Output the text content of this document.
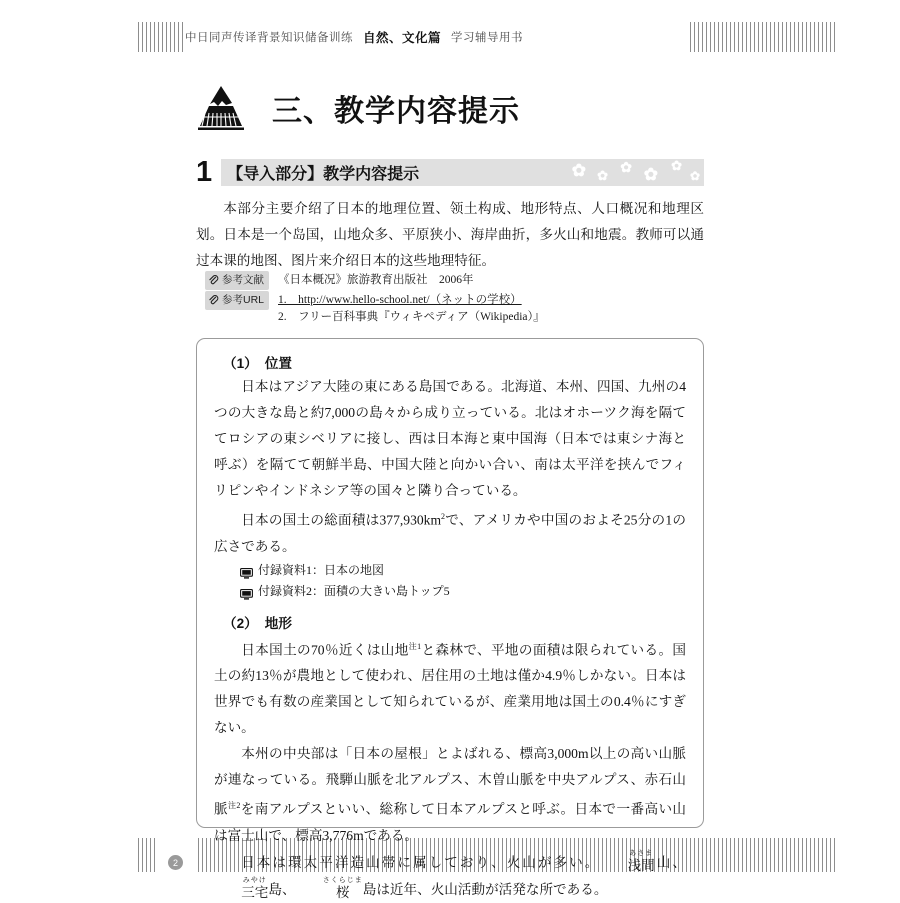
2
中日同声传译背景知识储备训练 自然、文化篇 学习辅导用书
三、教学内容提示
1 【导入部分】教学内容提示	✿ ✿
✿ ✿ ✿
✿
本部分主要介绍了日本的地理位置、领土构成、地形特点、人口概况和地理区划。日本是一个岛国，山地众多、平原狭小、海岸曲折，多火山和地震。教师可以通过本课的地图、图片来介绍日本的这些地理特征。
参考文献 《日本概况》旅游教育出版社　2006年
参考URL 1.　http://www.hello-school.net/（ネットの学校）
2.　フリー百科事典『ウィキペディア（Wikipedia）』
（1） 位置

日本はアジア大陸の東にある島国である。北海道、本州、四国、九州の4つの大きな島と約7,000の島々から成り立っている。北はオホーツク海を隔ててロシアの東シベリアに接し、西は日本海と東中国海（日本では東シナ海と呼ぶ）を隔てて朝鮮半島、中国大陸と向かい合い、南は太平洋を挟んでフィリピンやインドネシア等の国々と隣り合っている。

日本の国土の総面積は$377,930km^2$で、アメリカや中国のおよそ25分の1の広さである。

付録資料1：日本の地図
付録資料2：面積の大きい島トップ5
（2） 地形

日本国土の70％近くは山地$^{注1}$と森林で、平地の面積は限られている。国土の約13％が農地として使われ、居住用の土地は僅か4.9％しかない。日本は世界でも有数の産業国として知られているが、産業用地は国土の0.4％にすぎない。

本州の中央部は「日本の屋根」とよばれる、標高3,000m以上の高い山脈が連なっている。飛騨山脈を北アルプス、木曽山脈を中央アルプス、赤石山脈$^{注2}$を南アルプスといい、総称して日本アルプスと呼ぶ。日本で一番高い山は富士山で、標高3,776mである。

日本は環太平洋造山帯に属しており、火山が多い。
あさま
浅間 山、
みやけ
三宅 島、
さくらじま
桜 島は近年、火山活動が活発な所である。
